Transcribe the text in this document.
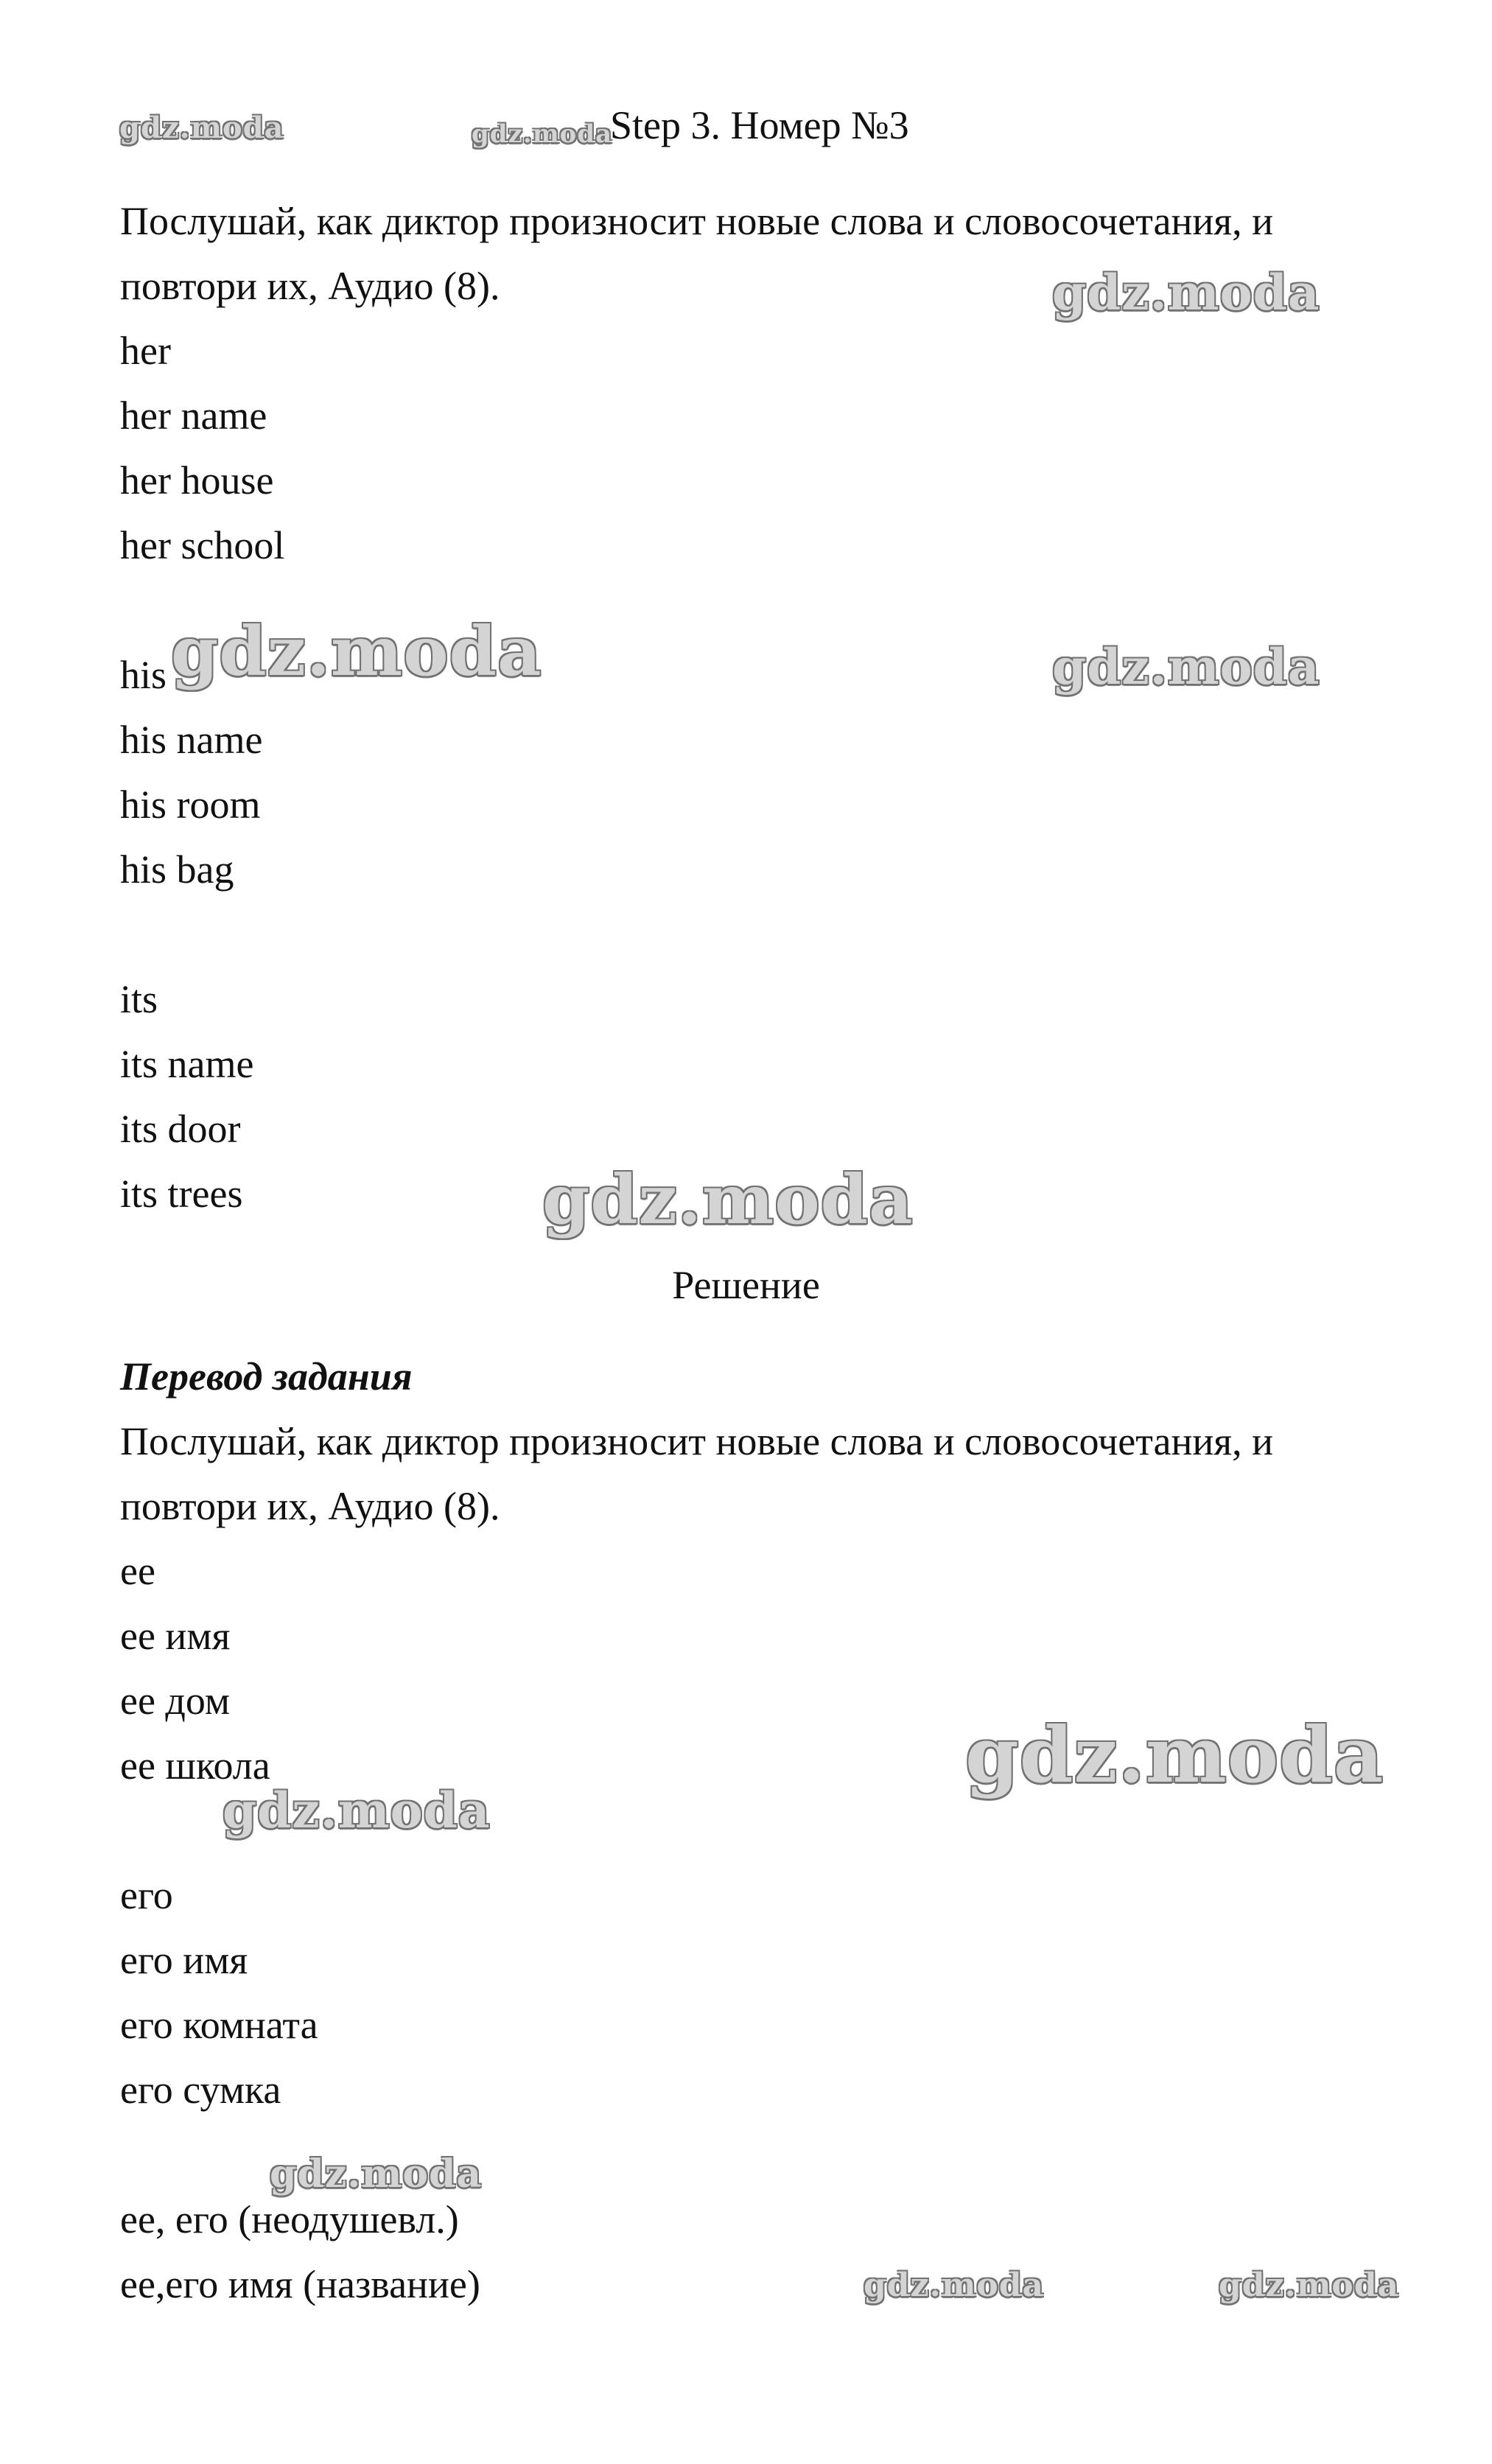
gdz.moda	gdz.moda
Step 3. Номер №3
Послушай, как диктор произносит новые слова и словосочетания, и
повтори их, Аудио (8).	gdz.moda
her
her name
her house
her school
his gdz.moda	gdz.moda
his name
his room
his bag
its
its name
its door
its trees	gdz.moda
Решение
Перевод задания
Послушай, как диктор произносит новые слова и словосочетания, и
повтори их, Аудио (8).
ее
ее имя
ее дом
ее школа	gdz.moda
gdz.moda
его
его имя
его комната
его сумка
gdz.moda
ее, его (неодушевл.)
ее,его имя (название)	gdz.moda	gdz.moda
